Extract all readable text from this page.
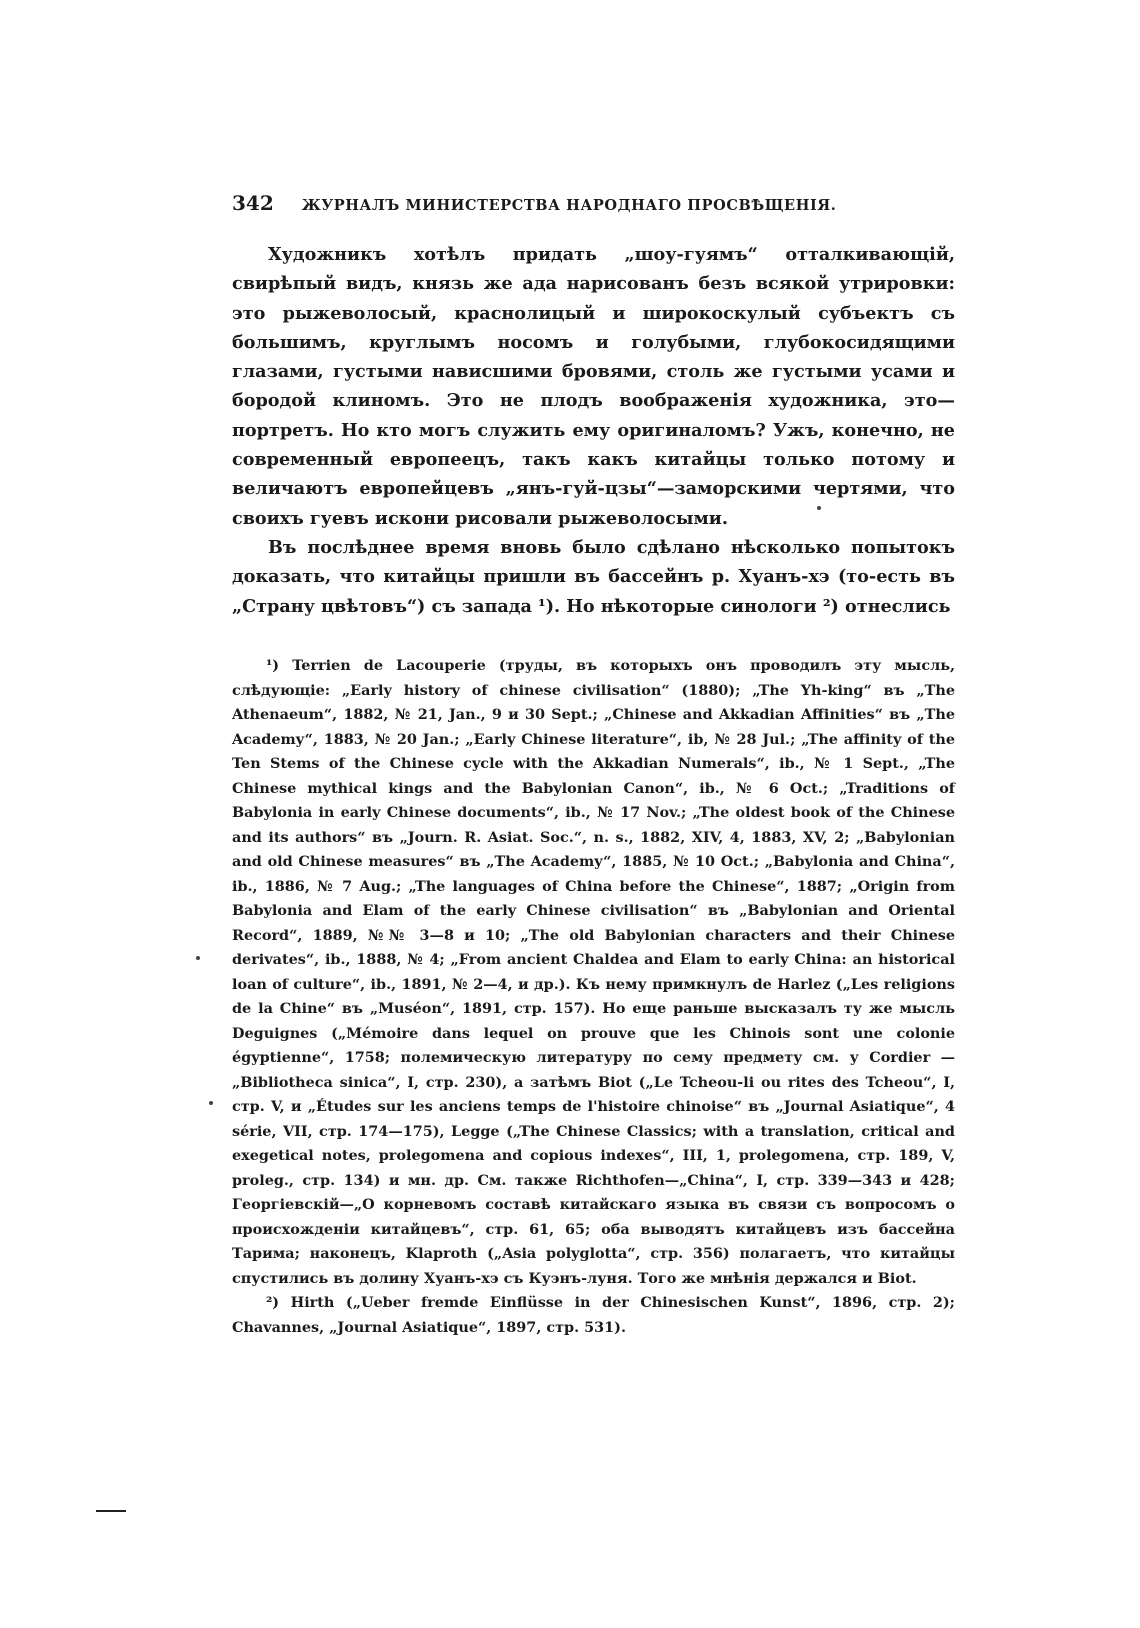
342 ЖУРНАЛЪ МИНИСТЕРСТВА НАРОДНАГО ПРОСВѢЩЕНІЯ.

Художникъ хотѣлъ придать „шоу-гуямъ“ отталкивающій, свирѣпый видъ, князь же ада нарисованъ безъ всякой утрировки: это рыжеволосый, краснолицый и широкоскулый субъектъ съ большимъ, круглымъ носомъ и голубыми, глубокосидящими глазами, густыми нависшими бровями, столь же густыми усами и бородой клиномъ. Это не плодъ воображенія художника, это—портретъ. Но кто могъ служить ему оригиналомъ? Ужъ, конечно, не современный европеецъ, такъ какъ китайцы только потому и величаютъ европейцевъ „янъ-гуй-цзы“—заморскими чертями, что своихъ гуевъ искони рисовали рыжеволосыми.

Въ послѣднее время вновь было сдѣлано нѣсколько попытокъ доказать, что китайцы пришли въ бассейнъ р. Хуанъ-хэ (то-есть въ „Страну цвѣтовъ“) съ запада ¹). Но нѣкоторые синологи ²) отнеслись

¹) Terrien de Lacouperie (труды, въ которыхъ онъ проводилъ эту мысль, слѣдующіе: „Early history of chinese civilisation“ (1880); „The Yh-king“ въ „The Athenaeum“, 1882, № 21, Jan., 9 и 30 Sept.; „Chinese and Akkadian Affinities“ въ „The Academy“, 1883, № 20 Jan.; „Early Chinese literature“, ib, № 28 Jul.; „The affinity of the Ten Stems of the Chinese cycle with the Akkadian Numerals“, ib., № 1 Sept., „The Chinese mythical kings and the Babylonian Canon“, ib., № 6 Oct.; „Traditions of Babylonia in early Chinese documents“, ib., № 17 Nov.; „The oldest book of the Chinese and its authors“ въ „Journ. R. Asiat. Soc.“, n. s., 1882, XIV, 4, 1883, XV, 2; „Babylonian and old Chinese measures“ въ „The Academy“, 1885, № 10 Oct.; „Babylonia and China“, ib., 1886, № 7 Aug.; „The languages of China before the Chinese“, 1887; „Origin from Babylonia and Elam of the early Chinese civilisation“ въ „Babylonian and Oriental Record“, 1889, №№ 3—8 и 10; „The old Babylonian characters and their Chinese derivates“, ib., 1888, № 4; „From ancient Chaldea and Elam to early China: an historical loan of culture“, ib., 1891, № 2—4, и др.). Къ нему примкнулъ de Harlez („Les religions de la Chine“ въ „Muséon“, 1891, стр. 157). Но еще раньше высказалъ ту же мысль Deguignes („Mémoire dans lequel on prouve que les Chinois sont une colonie égyptienne“, 1758; полемическую литературу по сему предмету см. у Cordier — „Bibliotheca sinica“, I, стр. 230), а затѣмъ Biot („Le Tcheou-li ou rites des Tcheou“, I, стр. V, и „Études sur les anciens temps de l'histoire chinoise“ въ „Journal Asiatique“, 4 série, VII, стр. 174—175), Legge („The Chinese Classics; with a translation, critical and exegetical notes, prolegomena and copious indexes“, III, 1, prolegomena, стр. 189, V, proleg., стр. 134) и мн. др. См. также Richthofen—„China“, I, стр. 339—343 и 428; Георгіевскій—„О корневомъ составѣ китайскаго языка въ связи съ вопросомъ о происхожденіи китайцевъ“, стр. 61, 65; оба выводятъ китайцевъ изъ бассейна Тарима; наконецъ, Klaproth („Asia polyglotta“, стр. 356) полагаетъ, что китайцы спустились въ долину Хуанъ-хэ съ Куэнъ-луня. Того же мнѣнія держался и Biot.

²) Hirth („Ueber fremde Einflüsse in der Chinesischen Kunst“, 1896, стр. 2); Chavannes, „Journal Asiatique“, 1897, стр. 531).
